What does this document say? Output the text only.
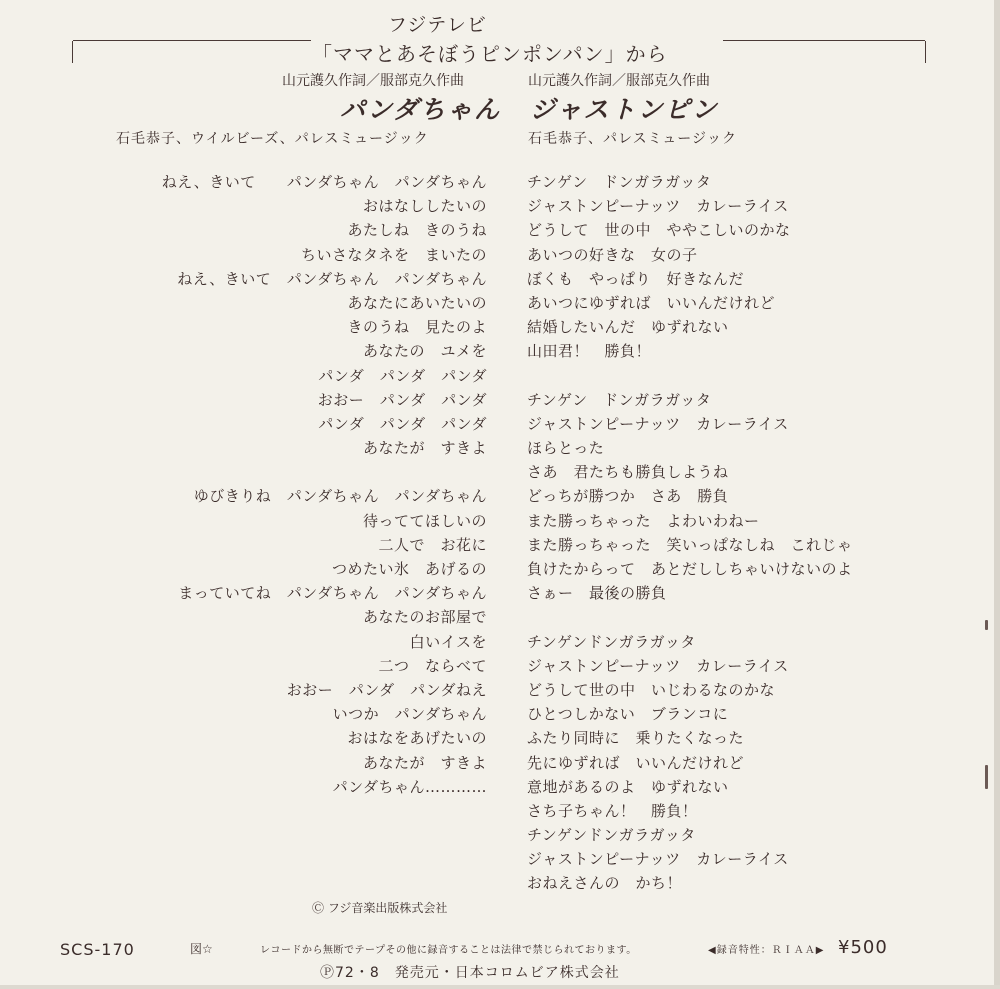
フジテレビ
「ママとあそぼうピンポンパン」から
山元護久作詞／服部克久作曲
パンダちゃん
石毛恭子、ウイルビーズ、パレスミュージック
山元護久作詞／服部克久作曲
ジャストンピン
石毛恭子、パレスミュージック
ねえ、きいて　　パンダちゃん　パンダちゃん
おはなししたいの
あたしね　きのうね
ちいさなタネを　まいたの
ねえ、きいて　パンダちゃん　パンダちゃん
あなたにあいたいの
きのうね　見たのよ
あなたの　ユメを
パンダ　パンダ　パンダ
おおー　パンダ　パンダ
パンダ　パンダ　パンダ
あなたが　すきよ
ゆびきりね　パンダちゃん　パンダちゃん
待っててほしいの
二人で　お花に
つめたい氷　あげるの
まっていてね　パンダちゃん　パンダちゃん
あなたのお部屋で
白いイスを
二つ　ならべて
おおー　パンダ　パンダねえ
いつか　パンダちゃん
おはなをあげたいの
あなたが　すきよ
パンダちゃん…………
チンゲン　ドンガラガッタ
ジャストンピーナッツ　カレーライス
どうして　世の中　ややこしいのかな
あいつの好きな　女の子
ぼくも　やっぱり　好きなんだ
あいつにゆずれば　いいんだけれど
結婚したいんだ　ゆずれない
山田君！　勝負！
チンゲン　ドンガラガッタ
ジャストンピーナッツ　カレーライス
ほらとった
さあ　君たちも勝負しようね
どっちが勝つか　さあ　勝負
また勝っちゃった　よわいわねー
また勝っちゃった　笑いっぱなしね　これじゃ
負けたからって　あとだししちゃいけないのよ
さぁー　最後の勝負
チンゲンドンガラガッタ
ジャストンピーナッツ　カレーライス
どうして世の中　いじわるなのかな
ひとつしかない　ブランコに
ふたり同時に　乗りたくなった
先にゆずれば　いいんだけれど
意地があるのよ　ゆずれない
さち子ちゃん！　勝負！
チンゲンドンガラガッタ
ジャストンピーナッツ　カレーライス
おねえさんの　かち！
Ⓒ フジ音楽出版株式会社
SCS-170	図☆	レコードから無断でテープその他に録音することは法律で禁じられております。	◀録音特性：ＲＩＡＡ▶ ¥500
Ⓟ72・8　発売元・日本コロムビア株式会社
